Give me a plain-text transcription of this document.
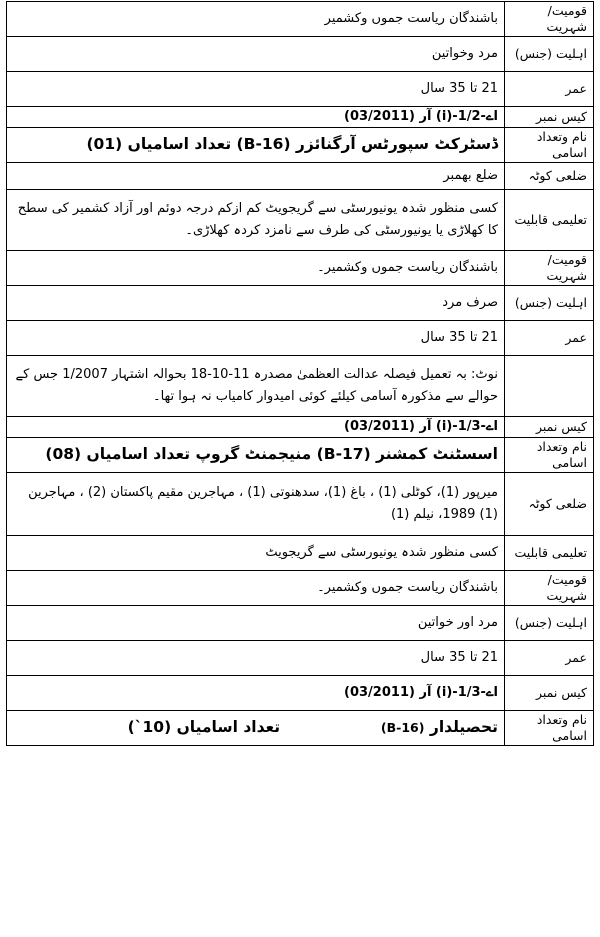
قومیت/شہریت	باشندگان ریاست جموں وکشمیر
اہلیت (جنس)	مرد وخواتین
عمر	21 تا 35 سال
کیس نمبر	اے-1/2-(i) آر (03/2011)
نام وتعداد اسامی	ڈسٹرکٹ سپورٹس آرگنائزر (B-16) تعداد اسامیاں (01)
ضلعی کوٹہ	ضلع بھمبر
تعلیمی قابلیت	کسی منظور شدہ یونیورسٹی سے گریجویٹ کم ازکم درجہ دوئم اور آزاد کشمیر کی سطح کا کھلاڑی یا یونیورسٹی کی طرف سے نامزد کردہ کھلاڑی۔
قومیت/شہریت	باشندگان ریاست جموں وکشمیر۔
اہلیت (جنس)	صرف مرد
عمر	21 تا 35 سال
	نوٹ: بہ تعمیل فیصلہ عدالت العظمیٰ مصدرہ 11-10-18 بحوالہ اشتہار 1/2007 جس کے حوالے سے مذکورہ آسامی کیلئے کوئی امیدوار کامیاب نہ ہوا تھا۔
کیس نمبر	اے-1/3-(i) آر (03/2011)
نام وتعداد اسامی	اسسٹنٹ کمشنر (B-17) منیجمنٹ گروپ تعداد اسامیاں (08)
ضلعی کوٹہ	میرپور (1)، کوٹلی (1) ، باغ (1)، سدھنوتی (1) ، مہاجرین مقیم پاکستان (2) ، مہاجرین (1) 1989، نیلم (1)
تعلیمی قابلیت	کسی منظور شدہ یونیورسٹی سے گریجویٹ
قومیت/شہریت	باشندگان ریاست جموں وکشمیر۔
اہلیت (جنس)	مرد اور خواتین
عمر	21 تا 35 سال
کیس نمبر	اے-1/3-(i) آر (03/2011)
نام وتعداد اسامی	تحصیلدار (B-16)  تعداد اسامیاں (10`)
